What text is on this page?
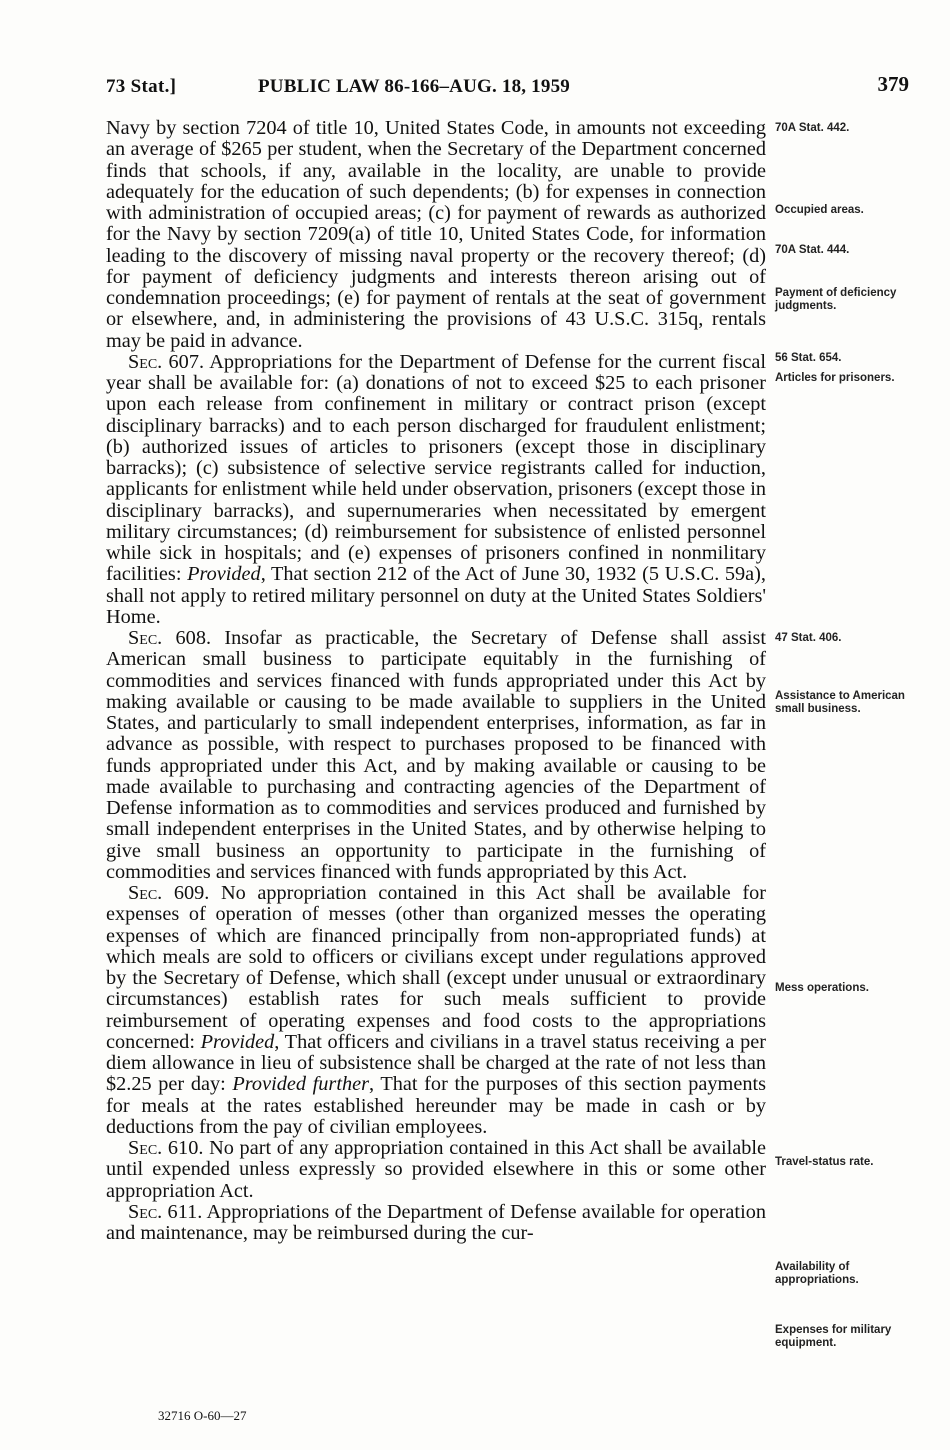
73 Stat.]	PUBLIC LAW 86-166–AUG. 18, 1959	379

Navy by section 7204 of title 10, United States Code, in amounts not exceeding an average of $265 per student, when the Secretary of the Department concerned finds that schools, if any, available in the locality, are unable to provide adequately for the education of such dependents; (b) for expenses in connection with administration of occupied areas; (c) for payment of rewards as authorized for the Navy by section 7209(a) of title 10, United States Code, for information leading to the discovery of missing naval property or the recovery thereof; (d) for payment of deficiency judgments and interests thereon arising out of condemnation proceedings; (e) for payment of rentals at the seat of government or elsewhere, and, in administering the provisions of 43 U.S.C. 315q, rentals may be paid in advance.

Sec. 607. Appropriations for the Department of Defense for the current fiscal year shall be available for: (a) donations of not to exceed $25 to each prisoner upon each release from confinement in military or contract prison (except disciplinary barracks) and to each person discharged for fraudulent enlistment; (b) authorized issues of articles to prisoners (except those in disciplinary barracks); (c) subsistence of selective service registrants called for induction, applicants for enlistment while held under observation, prisoners (except those in disciplinary barracks), and supernumeraries when necessitated by emergent military circumstances; (d) reimbursement for subsistence of enlisted personnel while sick in hospitals; and (e) expenses of prisoners confined in nonmilitary facilities: Provided, That section 212 of the Act of June 30, 1932 (5 U.S.C. 59a), shall not apply to retired military personnel on duty at the United States Soldiers' Home.

Sec. 608. Insofar as practicable, the Secretary of Defense shall assist American small business to participate equitably in the furnishing of commodities and services financed with funds appropriated under this Act by making available or causing to be made available to suppliers in the United States, and particularly to small independent enterprises, information, as far in advance as possible, with respect to purchases proposed to be financed with funds appropriated under this Act, and by making available or causing to be made available to purchasing and contracting agencies of the Department of Defense information as to commodities and services produced and furnished by small independent enterprises in the United States, and by otherwise helping to give small business an opportunity to participate in the furnishing of commodities and services financed with funds appropriated by this Act.

Sec. 609. No appropriation contained in this Act shall be available for expenses of operation of messes (other than organized messes the operating expenses of which are financed principally from non-appropriated funds) at which meals are sold to officers or civilians except under regulations approved by the Secretary of Defense, which shall (except under unusual or extraordinary circumstances) establish rates for such meals sufficient to provide reimbursement of operating expenses and food costs to the appropriations concerned: Provided, That officers and civilians in a travel status receiving a per diem allowance in lieu of subsistence shall be charged at the rate of not less than $2.25 per day: Provided further, That for the purposes of this section payments for meals at the rates established hereunder may be made in cash or by deductions from the pay of civilian employees.

Sec. 610. No part of any appropriation contained in this Act shall be available until expended unless expressly so provided elsewhere in this or some other appropriation Act.

Sec. 611. Appropriations of the Department of Defense available for operation and maintenance, may be reimbursed during the cur-

70A Stat. 442.
Occupied areas.
70A Stat. 444.
Payment of deficiency judgments.
56 Stat. 654.
Articles for prisoners.
47 Stat. 406.
Assistance to American small business.
Mess operations.
Travel-status rate.
Availability of appropriations.
Expenses for military equipment.
32716 O-60—27
